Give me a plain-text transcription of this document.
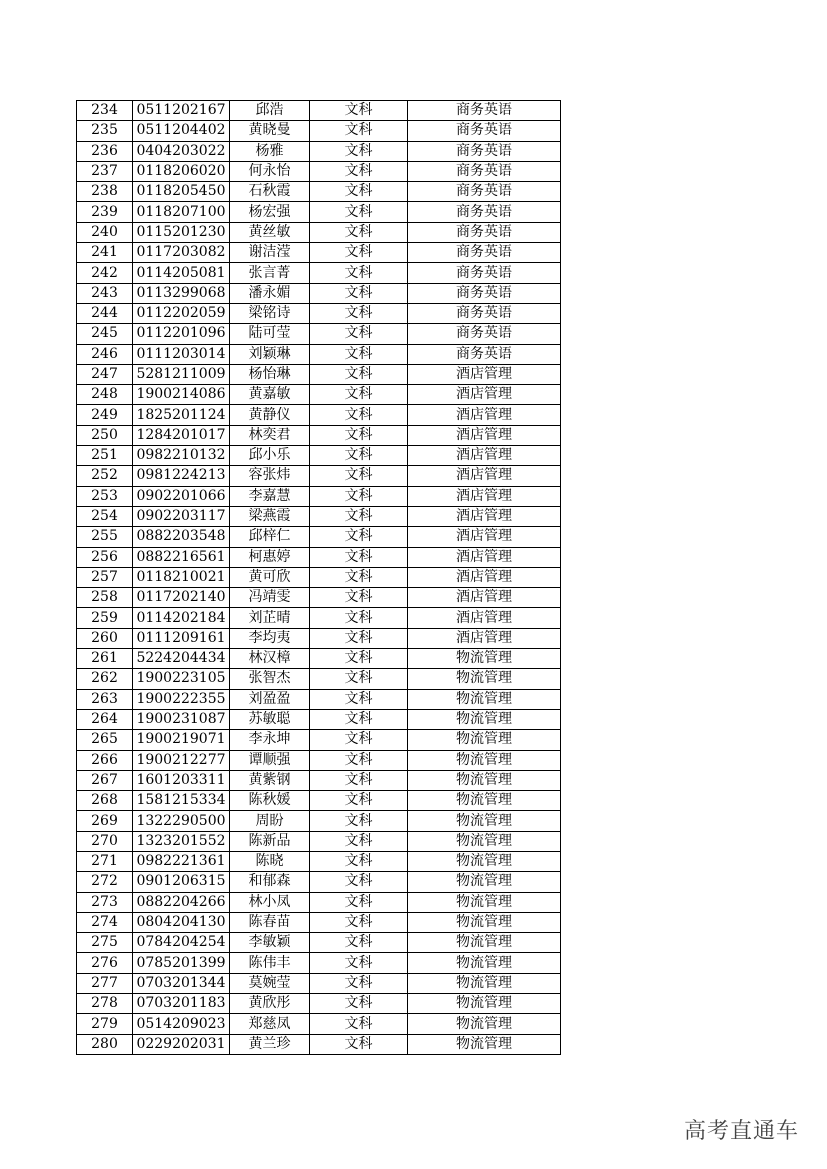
234	0511202167	邱浩	文科	商务英语
235	0511204402	黄晓曼	文科	商务英语
236	0404203022	杨雅	文科	商务英语
237	0118206020	何永怡	文科	商务英语
238	0118205450	石秋霞	文科	商务英语
239	0118207100	杨宏强	文科	商务英语
240	0115201230	黄丝敏	文科	商务英语
241	0117203082	谢洁滢	文科	商务英语
242	0114205081	张言菁	文科	商务英语
243	0113299068	潘永媚	文科	商务英语
244	0112202059	梁铭诗	文科	商务英语
245	0112201096	陆可莹	文科	商务英语
246	0111203014	刘颖琳	文科	商务英语
247	5281211009	杨怡琳	文科	酒店管理
248	1900214086	黄嘉敏	文科	酒店管理
249	1825201124	黄静仪	文科	酒店管理
250	1284201017	林奕君	文科	酒店管理
251	0982210132	邱小乐	文科	酒店管理
252	0981224213	容张炜	文科	酒店管理
253	0902201066	李嘉慧	文科	酒店管理
254	0902203117	梁燕霞	文科	酒店管理
255	0882203548	邱梓仁	文科	酒店管理
256	0882216561	柯惠婷	文科	酒店管理
257	0118210021	黄可欣	文科	酒店管理
258	0117202140	冯靖雯	文科	酒店管理
259	0114202184	刘芷晴	文科	酒店管理
260	0111209161	李均夷	文科	酒店管理
261	5224204434	林汉樟	文科	物流管理
262	1900223105	张智杰	文科	物流管理
263	1900222355	刘盈盈	文科	物流管理
264	1900231087	苏敏聪	文科	物流管理
265	1900219071	李永坤	文科	物流管理
266	1900212277	谭顺强	文科	物流管理
267	1601203311	黄紫钢	文科	物流管理
268	1581215334	陈秋媛	文科	物流管理
269	1322290500	周盼	文科	物流管理
270	1323201552	陈新品	文科	物流管理
271	0982221361	陈晓	文科	物流管理
272	0901206315	和郁森	文科	物流管理
273	0882204266	林小凤	文科	物流管理
274	0804204130	陈春苗	文科	物流管理
275	0784204254	李敏颖	文科	物流管理
276	0785201399	陈伟丰	文科	物流管理
277	0703201344	莫婉莹	文科	物流管理
278	0703201183	黄欣彤	文科	物流管理
279	0514209023	郑慈凤	文科	物流管理
280	0229202031	黄兰珍	文科	物流管理
高考直通车
